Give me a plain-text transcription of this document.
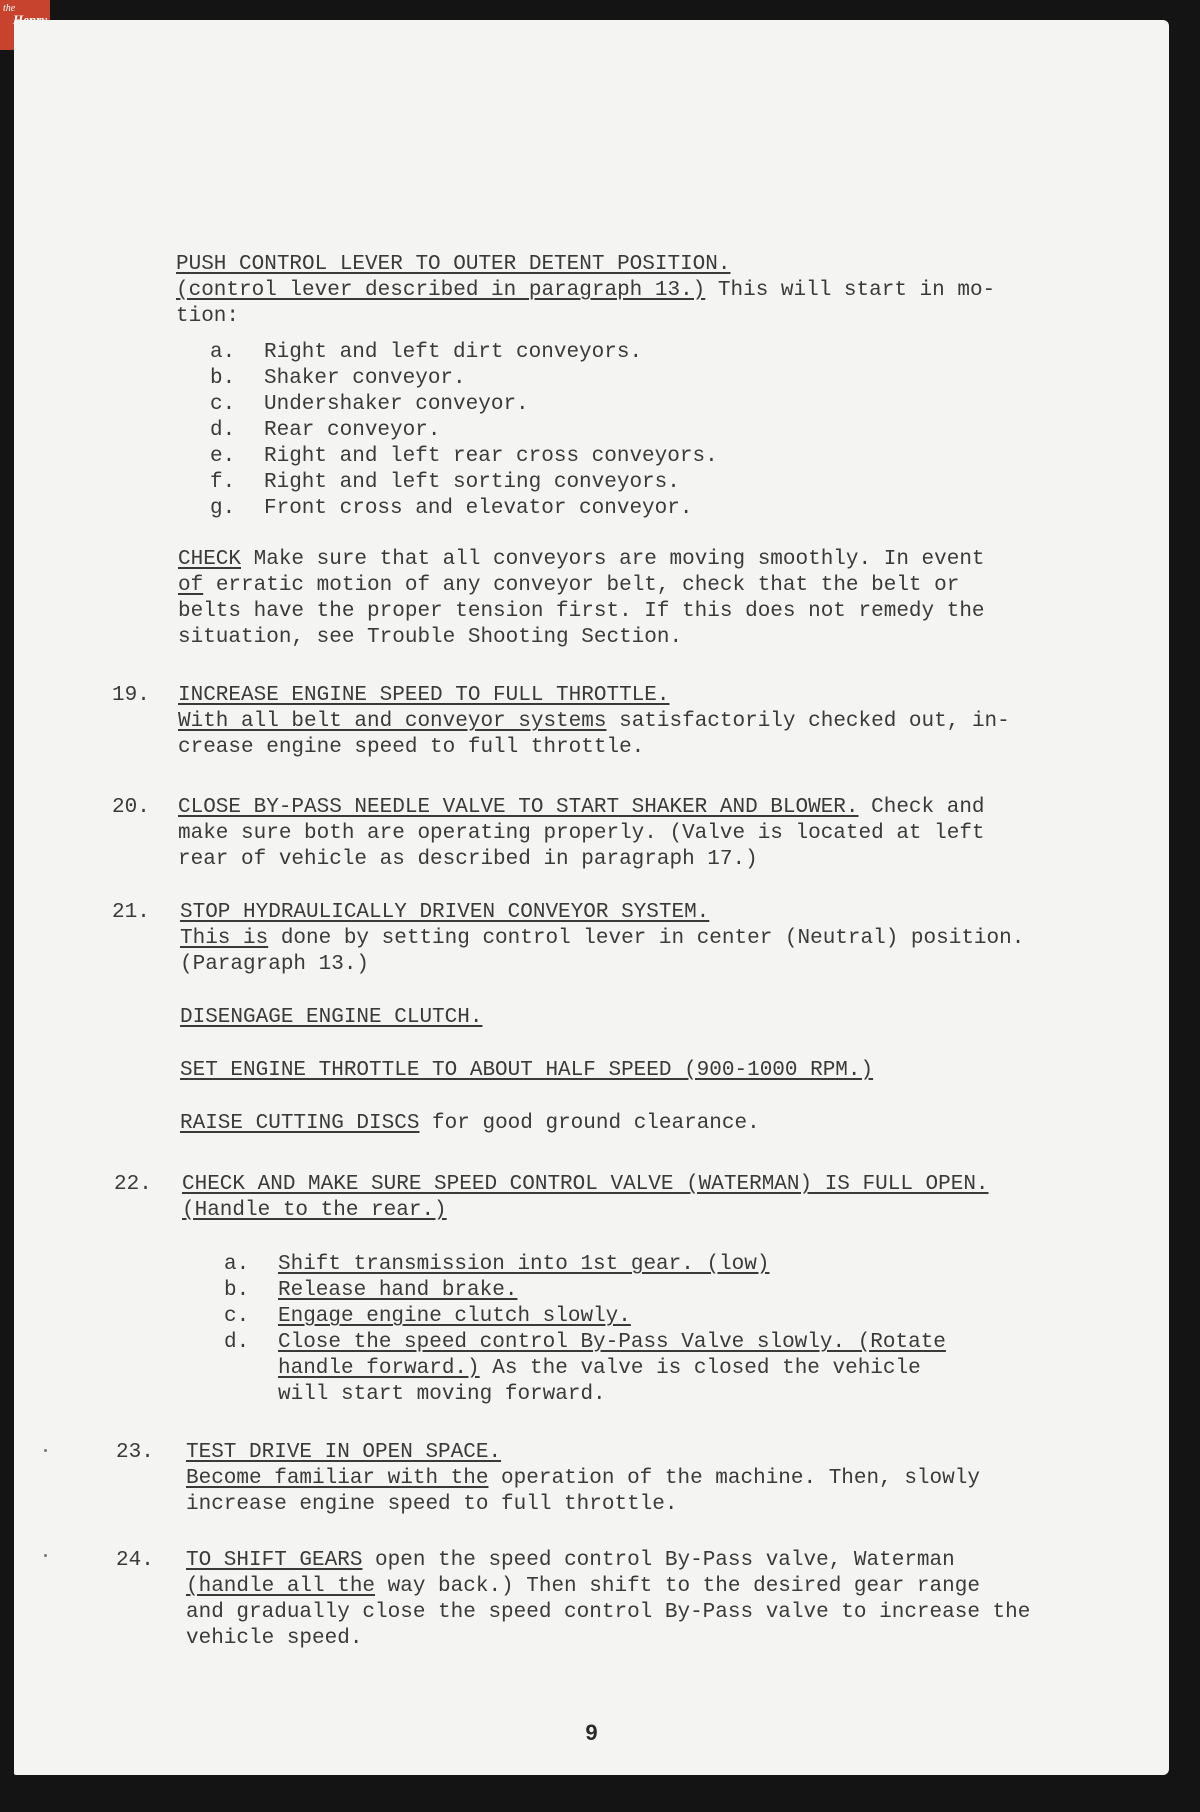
the
PUSH CONTROL LEVER TO OUTER DETENT POSITION.
(control lever described in paragraph 13.) This will start in mo-
tion:
a. Right and left dirt conveyors.
b. Shaker conveyor.
c. Undershaker conveyor.
d. Rear conveyor.
e. Right and left rear cross conveyors.
f. Right and left sorting conveyors.
g. Front cross and elevator conveyor.
CHECK Make sure that all conveyors are moving smoothly. In event
of erratic motion of any conveyor belt, check that the belt or
belts have the proper tension first. If this does not remedy the
situation, see Trouble Shooting Section.
19.	INCREASE ENGINE SPEED TO FULL THROTTLE.
With all belt and conveyor systems satisfactorily checked out, in-
crease engine speed to full throttle.
20.	CLOSE BY-PASS NEEDLE VALVE TO START SHAKER AND BLOWER. Check and
make sure both are operating properly. (Valve is located at left
rear of vehicle as described in paragraph 17.)
21.	STOP HYDRAULICALLY DRIVEN CONVEYOR SYSTEM.
This is done by setting control lever in center (Neutral) position.
(Paragraph 13.)
DISENGAGE ENGINE CLUTCH.
SET ENGINE THROTTLE TO ABOUT HALF SPEED (900-1000 RPM.)
RAISE CUTTING DISCS for good ground clearance.
22.	CHECK AND MAKE SURE SPEED CONTROL VALVE (WATERMAN) IS FULL OPEN.
(Handle to the rear.)
a. Shift transmission into 1st gear. (low)
b. Release hand brake.
c. Engage engine clutch slowly.
d. Close the speed control By-Pass Valve slowly. (Rotate
handle forward.) As the valve is closed the vehicle
will start moving forward.
23.	TEST DRIVE IN OPEN SPACE.
Become familiar with the operation of the machine. Then, slowly
increase engine speed to full throttle.
24.	TO SHIFT GEARS open the speed control By-Pass valve, Waterman
(handle all the way back.) Then shift to the desired gear range
and gradually close the speed control By-Pass valve to increase the
vehicle speed.
9
